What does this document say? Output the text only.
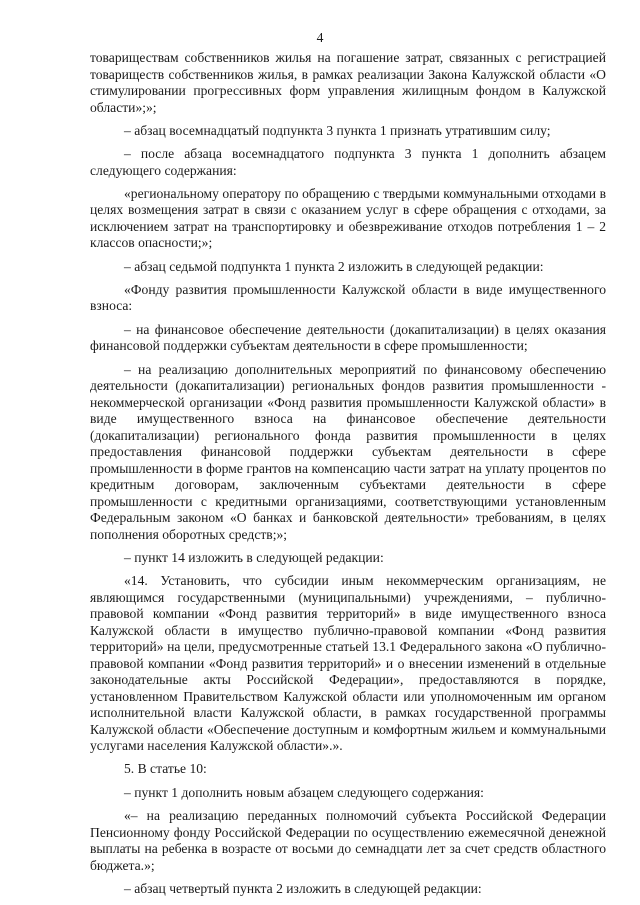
4

товариществам собственников жилья на погашение затрат, связанных с регистрацией товариществ собственников жилья, в рамках реализации Закона Калужской области «О стимулировании прогрессивных форм управления жилищным фондом в Калужской области»;»;

– абзац восемнадцатый подпункта 3 пункта 1 признать утратившим силу;

– после абзаца восемнадцатого подпункта 3 пункта 1 дополнить абзацем следующего содержания:

«региональному оператору по обращению с твердыми коммунальными отходами в целях возмещения затрат в связи с оказанием услуг в сфере обращения с отходами, за исключением затрат на транспортировку и обезвреживание отходов потребления 1 – 2 классов опасности;»;

– абзац седьмой подпункта 1 пункта 2 изложить в следующей редакции:

«Фонду развития промышленности Калужской области в виде имущественного взноса:

– на финансовое обеспечение деятельности (докапитализации) в целях оказания финансовой поддержки субъектам деятельности в сфере промышленности;

– на реализацию дополнительных мероприятий по финансовому обеспечению деятельности (докапитализации) региональных фондов развития промышленности - некоммерческой организации «Фонд развития промышленности Калужской области» в виде имущественного взноса на финансовое обеспечение деятельности (докапитализации) регионального фонда развития промышленности в целях предоставления финансовой поддержки субъектам деятельности в сфере промышленности в форме грантов на компенсацию части затрат на уплату процентов по кредитным договорам, заключенным субъектами деятельности в сфере промышленности с кредитными организациями, соответствующими установленным Федеральным законом «О банках и банковской деятельности» требованиям, в целях пополнения оборотных средств;»;

– пункт 14 изложить в следующей редакции:

«14. Установить, что субсидии иным некоммерческим организациям, не являющимся государственными (муниципальными) учреждениями, – публично-правовой компании «Фонд развития территорий» в виде имущественного взноса Калужской области в имущество публично-правовой компании «Фонд развития территорий» на цели, предусмотренные статьей 13.1 Федерального закона «О публично-правовой компании «Фонд развития территорий» и о внесении изменений в отдельные законодательные акты Российской Федерации», предоставляются в порядке, установленном Правительством Калужской области или уполномоченным им органом исполнительной власти Калужской области, в рамках государственной программы Калужской области «Обеспечение доступным и комфортным жильем и коммунальными услугами населения Калужской области».».

5. В статье 10:

– пункт 1 дополнить новым абзацем следующего содержания:

«– на реализацию переданных полномочий субъекта Российской Федерации Пенсионному фонду Российской Федерации по осуществлению ежемесячной денежной выплаты на ребенка в возрасте от восьми до семнадцати лет за счет средств областного бюджета.»;

– абзац четвертый пункта 2 изложить в следующей редакции:
